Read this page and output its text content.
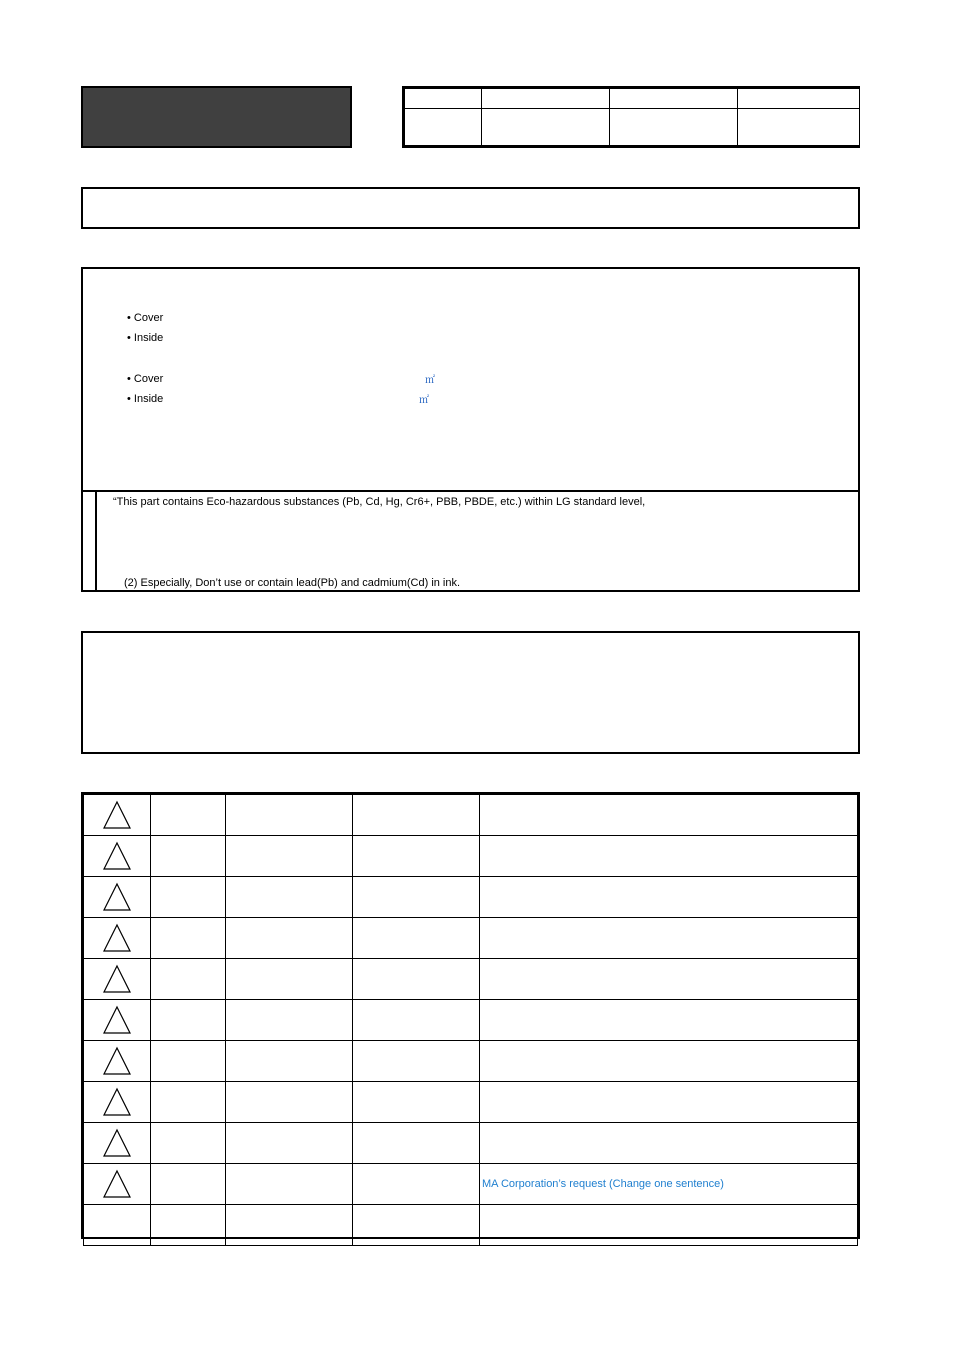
• Cover
• Inside
• Cover	㎡
• Inside	㎡
“This part contains Eco-hazardous substances (Pb, Cd, Hg, Cr6+, PBB, PBDE, etc.) within LG standard level,
(2) Especially, Don’t use or contain lead(Pb) and cadmium(Cd) in ink.

				MA Corporation’s request (Change one sentence)
